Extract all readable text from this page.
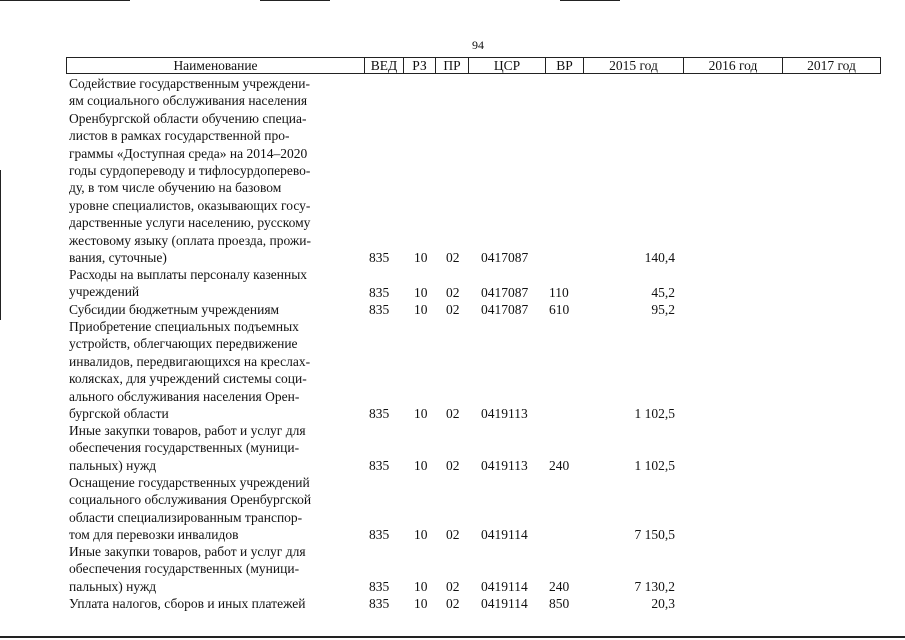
94
Наименование	ВЕД	РЗ	ПР	ЦСР	ВР	2015 год	2016 год	2017 год
Содействие государственным учреждени-
ям социального обслуживания населения
Оренбургской области обучению специа-
листов в рамках государственной про-
граммы «Доступная среда» на 2014–2020
годы сурдопереводу и тифлосурдоперево-
ду, в том числе обучению на базовом
уровне специалистов, оказывающих госу-
дарственные услуги населению, русскому
жестовому языку (оплата проезда, прожи-
вания, суточные)	835 10 02 0417087	140,4
Расходы на выплаты персоналу казенных
учреждений	835 10 02 0417087 110	45,2
Субсидии бюджетным учреждениям	835 10 02 0417087 610	95,2
Приобретение специальных подъемных
устройств, облегчающих передвижение
инвалидов, передвигающихся на креслах-
колясках, для учреждений системы соци-
ального обслуживания населения Орен-
бургской области	835 10 02 0419113	1 102,5
Иные закупки товаров, работ и услуг для
обеспечения государственных (муници-
пальных) нужд	835 10 02 0419113 240	1 102,5
Оснащение государственных учреждений
социального обслуживания Оренбургской
области специализированным транспор-
том для перевозки инвалидов	835 10 02 0419114	7 150,5
Иные закупки товаров, работ и услуг для
обеспечения государственных (муници-
пальных) нужд	835 10 02 0419114 240	7 130,2
Уплата налогов, сборов и иных платежей	835 10 02 0419114 850	20,3
